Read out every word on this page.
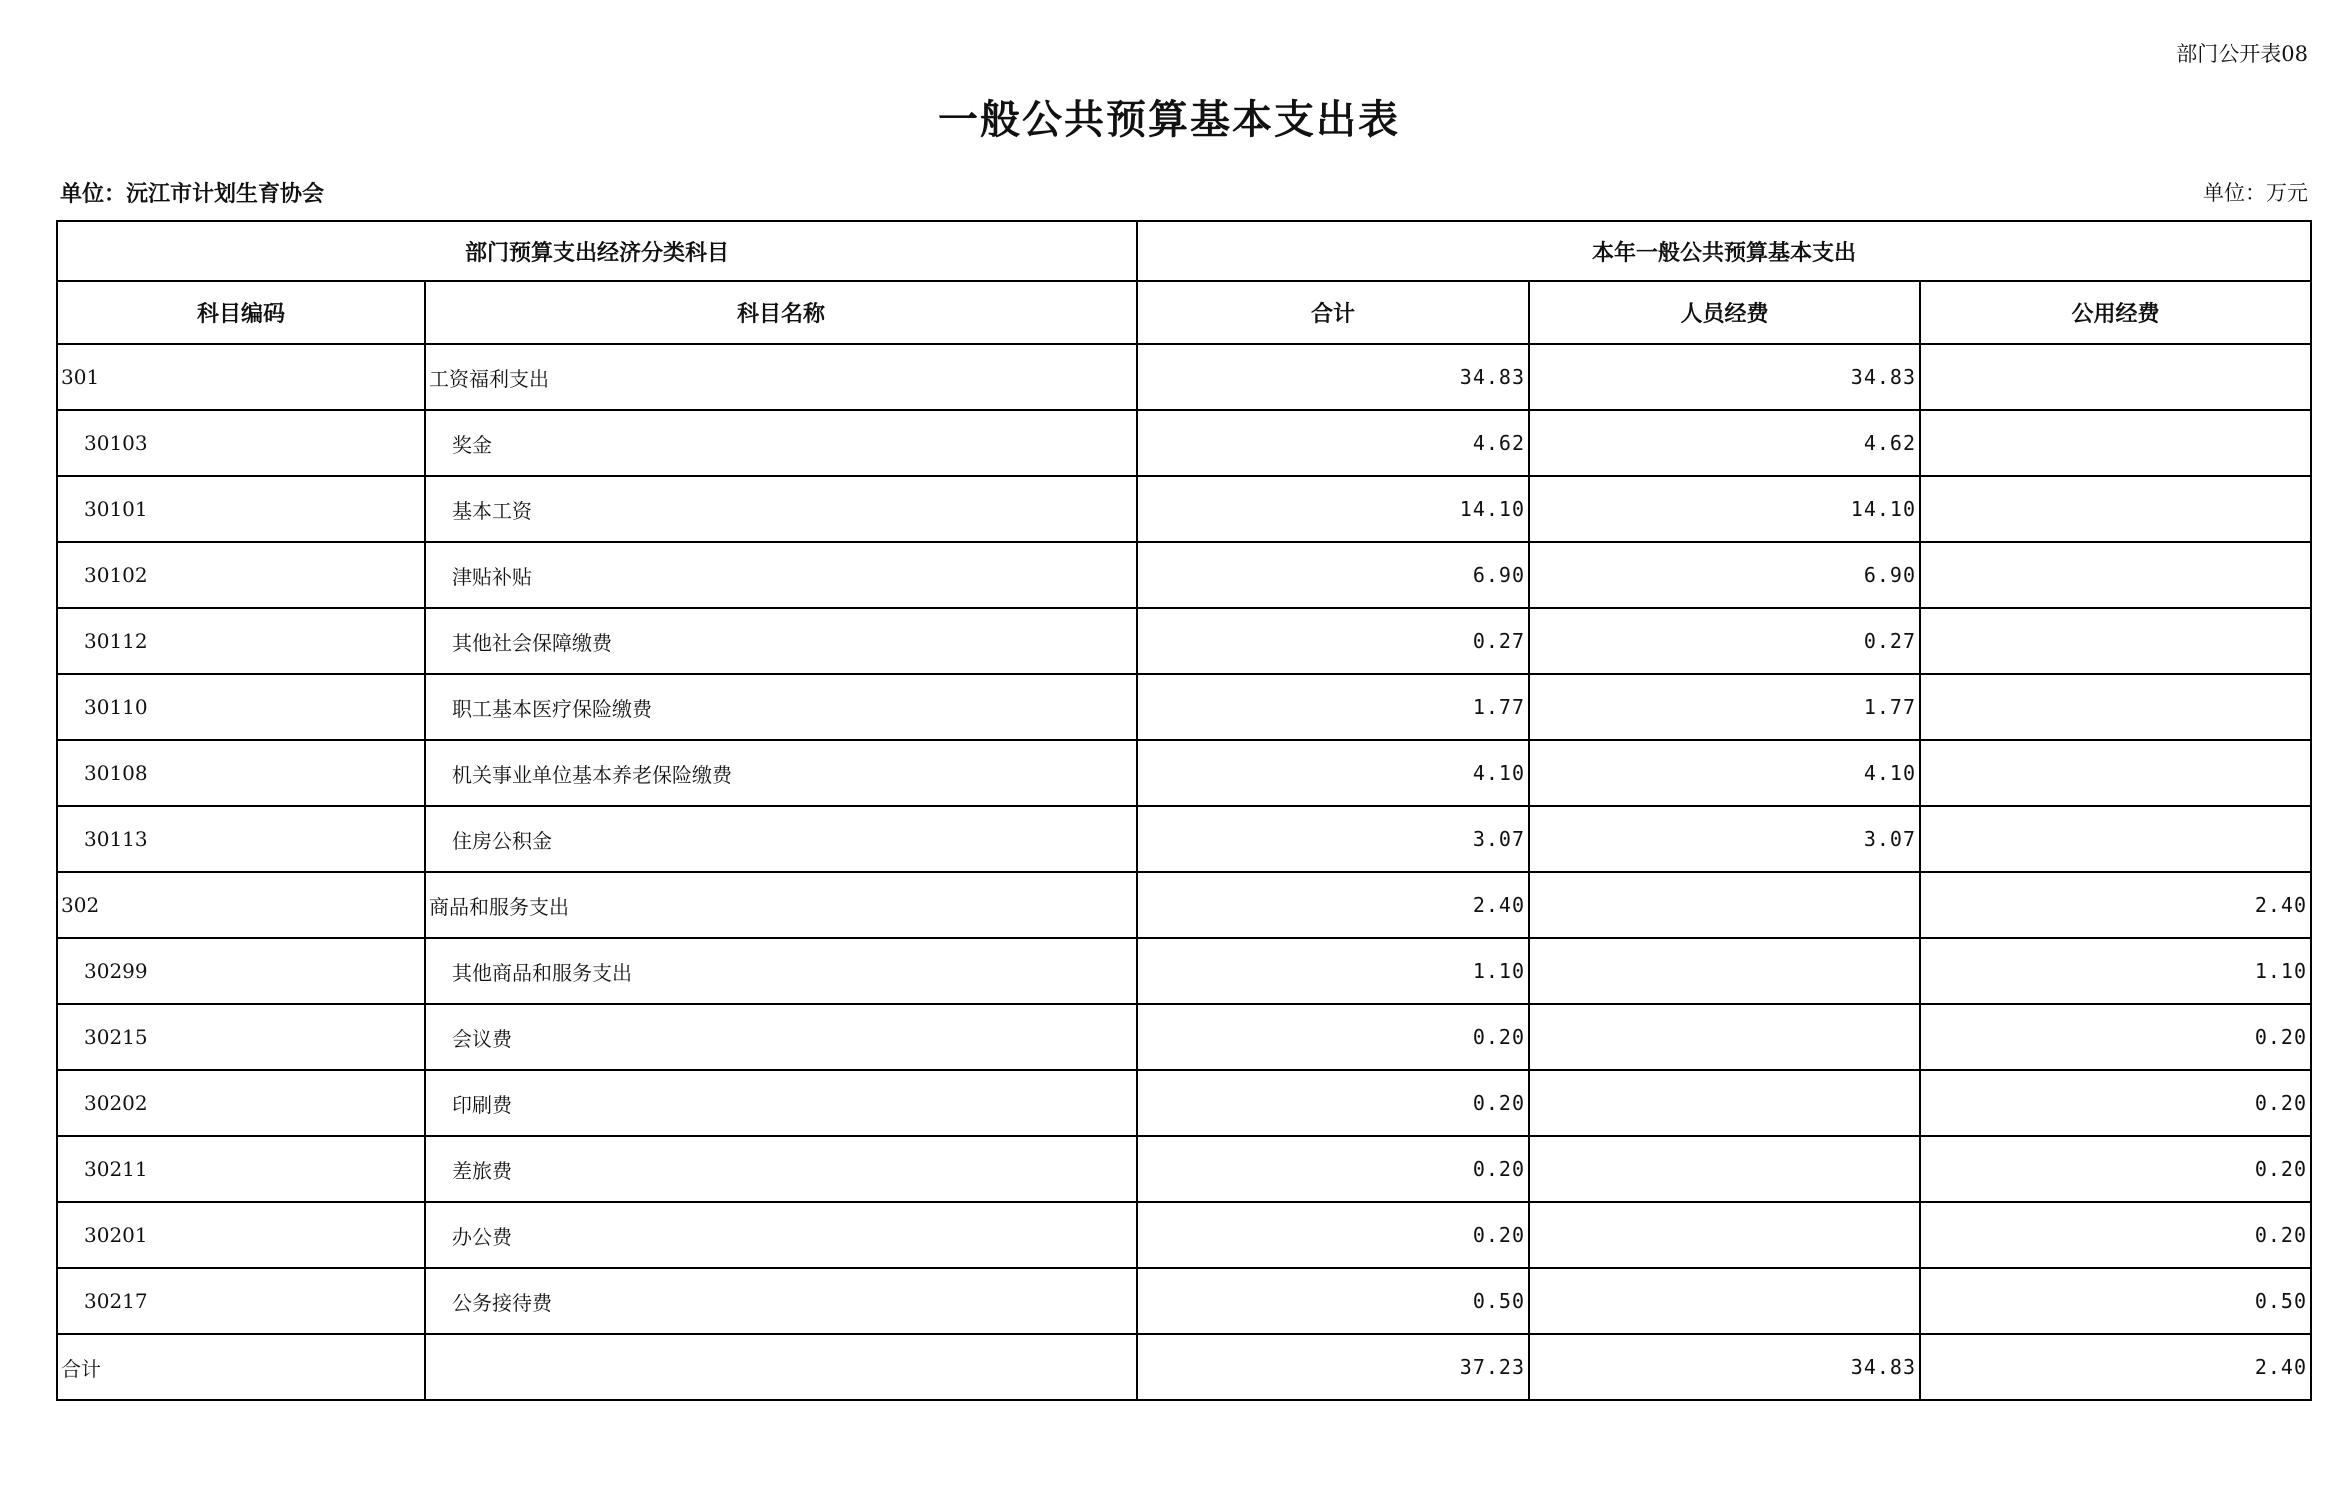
部门公开表08
一般公共预算基本支出表
单位：沅江市计划生育协会	单位：万元
部门预算支出经济分类科目		本年一般公共预算基本支出		
科目编码	科目名称	合计	人员经费	公用经费
301	工资福利支出	34.83	34.83	
30103	奖金	4.62	4.62	
30101	基本工资	14.10	14.10	
30102	津贴补贴	6.90	6.90	
30112	其他社会保障缴费	0.27	0.27	
30110	职工基本医疗保险缴费	1.77	1.77	
30108	机关事业单位基本养老保险缴费	4.10	4.10	
30113	住房公积金	3.07	3.07	
302	商品和服务支出	2.40		2.40
30299	其他商品和服务支出	1.10		1.10
30215	会议费	0.20		0.20
30202	印刷费	0.20		0.20
30211	差旅费	0.20		0.20
30201	办公费	0.20		0.20
30217	公务接待费	0.50		0.50
合计		37.23	34.83	2.40
